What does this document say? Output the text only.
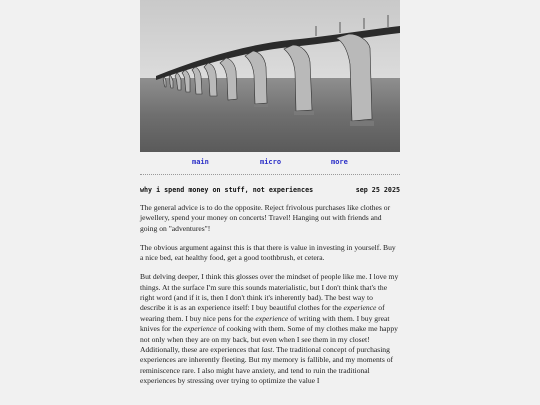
main	micro	more
why i spend money on stuff, not experiences	sep 25 2025

The general advice is to do the opposite. Reject frivolous purchases like clothes or jewellery, spend your money on concerts! Travel! Hanging out with friends and going on "adventures"!

The obvious argument against this is that there is value in investing in yourself. Buy a nice bed, eat healthy food, get a good toothbrush, et cetera.

But delving deeper, I think this glosses over the mindset of people like me. I love my things. At the surface I'm sure this sounds materialistic, but I don't think that's the right word (and if it is, then I don't think it's inherently bad). The best way to describe it is as an experience itself: I buy beautiful clothes for the experience of wearing them. I buy nice pens for the experience of writing with them. I buy great knives for the experience of cooking with them. Some of my clothes make me happy not only when they are on my back, but even when I see them in my closet! Additionally, these are experiences that last. The traditional concept of purchasing experiences are inherently fleeting. But my memory is fallible, and my moments of reminiscence rare. I also might have anxiety, and tend to ruin the traditional experiences by stressing over trying to optimize the value I
